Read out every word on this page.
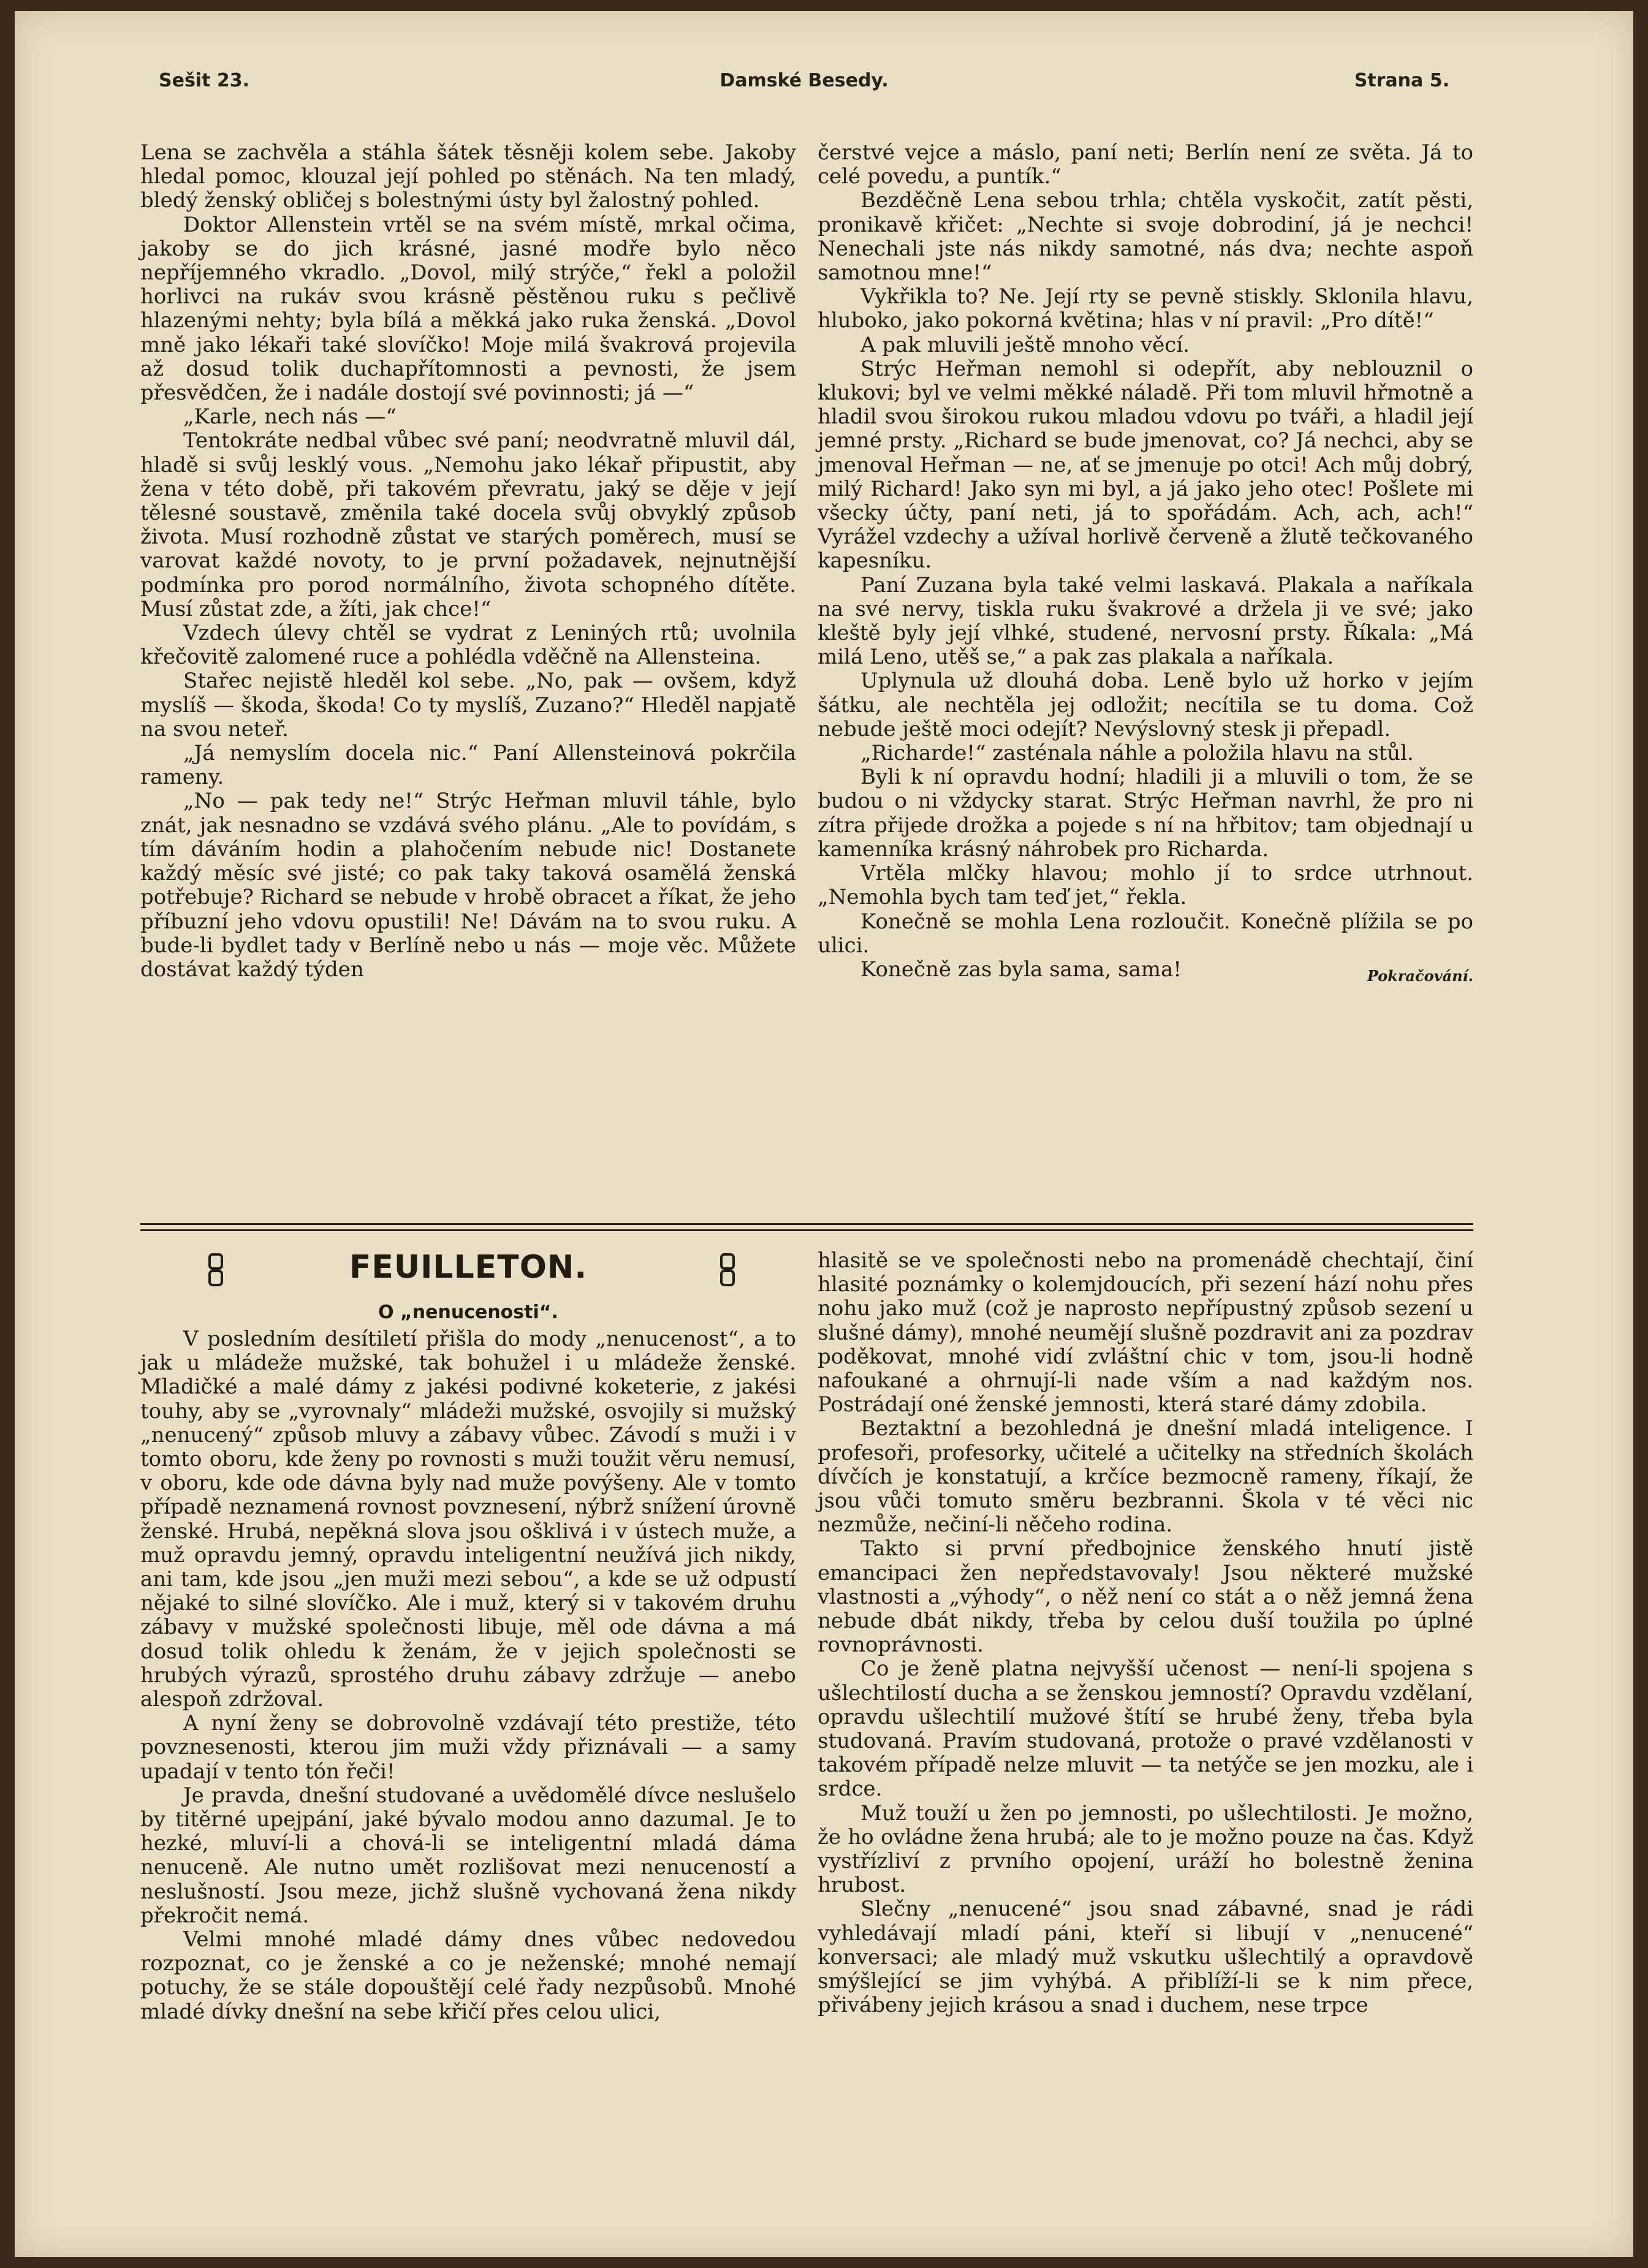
Sešit 23.	Damské Besedy.	Strana 5.

Lena se zachvěla a stáhla šátek těsněji kolem sebe. Jakoby hledal pomoc, klouzal její pohled po stěnách. Na ten mladý, bledý ženský obličej s bolestnými ústy byl žalostný pohled.

Doktor Allenstein vrtěl se na svém místě, mrkal očima, jakoby se do jich krásné, jasné modře bylo něco nepříjemného vkradlo. „Dovol, milý strýče,“ řekl a položil horlivci na rukáv svou krásně pěstěnou ruku s pečlivě hlazenými nehty; byla bílá a měkká jako ruka ženská. „Dovol mně jako lékaři také slovíčko! Moje milá švakrová projevila až dosud tolik duchapřítomnosti a pevnosti, že jsem přesvědčen, že i nadále dostojí své povinnosti; já —“

„Karle, nech nás —“

Tentokráte nedbal vůbec své paní; neodvratně mluvil dál, hladě si svůj lesklý vous. „Nemohu jako lékař připustit, aby žena v této době, při takovém převratu, jaký se děje v její tělesné soustavě, změnila také docela svůj obvyklý způsob života. Musí rozhodně zůstat ve starých poměrech, musí se varovat každé novoty, to je první požadavek, nejnutnější podmínka pro porod normálního, života schopného dítěte. Musí zůstat zde, a žíti, jak chce!“

Vzdech úlevy chtěl se vydrat z Leniných rtů; uvolnila křečovitě zalomené ruce a pohlédla vděčně na Allensteina.

Stařec nejistě hleděl kol sebe. „No, pak — ovšem, když myslíš — škoda, škoda! Co ty myslíš, Zuzano?“ Hleděl napjatě na svou neteř.

„Já nemyslím docela nic.“ Paní Allensteinová pokrčila rameny.

„No — pak tedy ne!“ Strýc Heřman mluvil táhle, bylo znát, jak nesnadno se vzdává svého plánu. „Ale to povídám, s tím dáváním hodin a plahočením nebude nic! Dostanete každý měsíc své jisté; co pak taky taková osamělá ženská potřebuje? Richard se nebude v hrobě obracet a říkat, že jeho příbuzní jeho vdovu opustili! Ne! Dávám na to svou ruku. A bude-li bydlet tady v Berlíně nebo u nás — moje věc. Můžete dostávat každý týden

čerstvé vejce a máslo, paní neti; Berlín není ze světa. Já to celé povedu, a puntík.“

Bezděčně Lena sebou trhla; chtěla vyskočit, zatít pěsti, pronikavě křičet: „Nechte si svoje dobrodiní, já je nechci! Nenechali jste nás nikdy samotné, nás dva; nechte aspoň samotnou mne!“

Vykřikla to? Ne. Její rty se pevně stiskly. Sklonila hlavu, hluboko, jako pokorná květina; hlas v ní pravil: „Pro dítě!“

A pak mluvili ještě mnoho věcí.

Strýc Heřman nemohl si odepřít, aby neblouznil o klukovi; byl ve velmi měkké náladě. Při tom mluvil hřmotně a hladil svou širokou rukou mladou vdovu po tváři, a hladil její jemné prsty. „Richard se bude jmenovat, co? Já nechci, aby se jmenoval Heřman — ne, ať se jmenuje po otci! Ach můj dobrý, milý Richard! Jako syn mi byl, a já jako jeho otec! Pošlete mi všecky účty, paní neti, já to spořádám. Ach, ach, ach!“ Vyrážel vzdechy a užíval horlivě červeně a žlutě tečkovaného kapesníku.

Paní Zuzana byla také velmi laskavá. Plakala a naříkala na své nervy, tiskla ruku švakrové a držela ji ve své; jako kleště byly její vlhké, studené, nervosní prsty. Říkala: „Má milá Leno, utěš se,“ a pak zas plakala a naříkala.

Uplynula už dlouhá doba. Leně bylo už horko v jejím šátku, ale nechtěla jej odložit; necítila se tu doma. Což nebude ještě moci odejít? Nevýslovný stesk ji přepadl.

„Richarde!“ zasténala náhle a položila hlavu na stůl.

Byli k ní opravdu hodní; hladili ji a mluvili o tom, že se budou o ni vždycky starat. Strýc Heřman navrhl, že pro ni zítra přijede drožka a pojede s ní na hřbitov; tam objednají u kamenníka krásný náhrobek pro Richarda.

Vrtěla mlčky hlavou; mohlo jí to srdce utrhnout. „Nemohla bych tam teď jet,“ řekla.

Konečně se mohla Lena rozloučit. Konečně plížila se po ulici.

Konečně zas byla sama, sama!	Pokračování.

FEUILLETON.
O „nenucenosti“.

V posledním desítiletí přišla do mody „nenucenost“, a to jak u mládeže mužské, tak bohužel i u mládeže ženské. Mladičké a malé dámy z jakési podivné koketerie, z jakési touhy, aby se „vyrovnaly“ mládeži mužské, osvojily si mužský „nenucený“ způsob mluvy a zábavy vůbec. Závodí s muži i v tomto oboru, kde ženy po rovnosti s muži toužit věru nemusí, v oboru, kde ode dávna byly nad muže povýšeny. Ale v tomto případě neznamená rovnost povznesení, nýbrž snížení úrovně ženské. Hrubá, nepěkná slova jsou ošklivá i v ústech muže, a muž opravdu jemný, opravdu inteligentní neužívá jich nikdy, ani tam, kde jsou „jen muži mezi sebou“, a kde se už odpustí nějaké to silné slovíčko. Ale i muž, který si v takovém druhu zábavy v mužské společnosti libuje, měl ode dávna a má dosud tolik ohledu k ženám, že v jejich společnosti se hrubých výrazů, sprostého druhu zábavy zdržuje — anebo alespoň zdržoval.

A nyní ženy se dobrovolně vzdávají této prestiže, této povznesenosti, kterou jim muži vždy přiznávali — a samy upadají v tento tón řeči!

Je pravda, dnešní studované a uvědomělé dívce neslušelo by titěrné upejpání, jaké bývalo modou anno dazumal. Je to hezké, mluví-li a chová-li se inteligentní mladá dáma nenuceně. Ale nutno umět rozlišovat mezi nenuceností a neslušností. Jsou meze, jichž slušně vychovaná žena nikdy překročit nemá.

Velmi mnohé mladé dámy dnes vůbec nedovedou rozpoznat, co je ženské a co je neženské; mnohé nemají potuchy, že se stále dopouštějí celé řady nezpůsobů. Mnohé mladé dívky dnešní na sebe křičí přes celou ulici,

hlasitě se ve společnosti nebo na promenádě chechtají, činí hlasité poznámky o kolemjdoucích, při sezení hází nohu přes nohu jako muž (což je naprosto nepřípustný způsob sezení u slušné dámy), mnohé neumějí slušně pozdravit ani za pozdrav poděkovat, mnohé vidí zvláštní chic v tom, jsou-li hodně nafoukané a ohrnují-li nade vším a nad každým nos. Postrádají oné ženské jemnosti, která staré dámy zdobila.

Beztaktní a bezohledná je dnešní mladá inteligence. I profesoři, profesorky, učitelé a učitelky na středních školách dívčích je konstatují, a krčíce bezmocně rameny, říkají, že jsou vůči tomuto směru bezbranni. Škola v té věci nic nezmůže, nečiní-li něčeho rodina.

Takto si první předbojnice ženského hnutí jistě emancipaci žen nepředstavovaly! Jsou některé mužské vlastnosti a „výhody“, o něž není co stát a o něž jemná žena nebude dbát nikdy, třeba by celou duší toužila po úplné rovnoprávnosti.

Co je ženě platna nejvyšší učenost — není-li spojena s ušlechtilostí ducha a se ženskou jemností? Opravdu vzdělaní, opravdu ušlechtilí mužové štítí se hrubé ženy, třeba byla studovaná. Pravím studovaná, protože o pravé vzdělanosti v takovém případě nelze mluvit — ta netýče se jen mozku, ale i srdce.

Muž touží u žen po jemnosti, po ušlechtilosti. Je možno, že ho ovládne žena hrubá; ale to je možno pouze na čas. Když vystřízliví z prvního opojení, uráží ho bolestně ženina hrubost.

Slečny „nenucené“ jsou snad zábavné, snad je rádi vyhledávají mladí páni, kteří si libují v „nenucené“ konversaci; ale mladý muž vskutku ušlechtilý a opravdově smýšlející se jim vyhýbá. A přiblíží-li se k nim přece, přivábeny jejich krásou a snad i duchem, nese trpce
